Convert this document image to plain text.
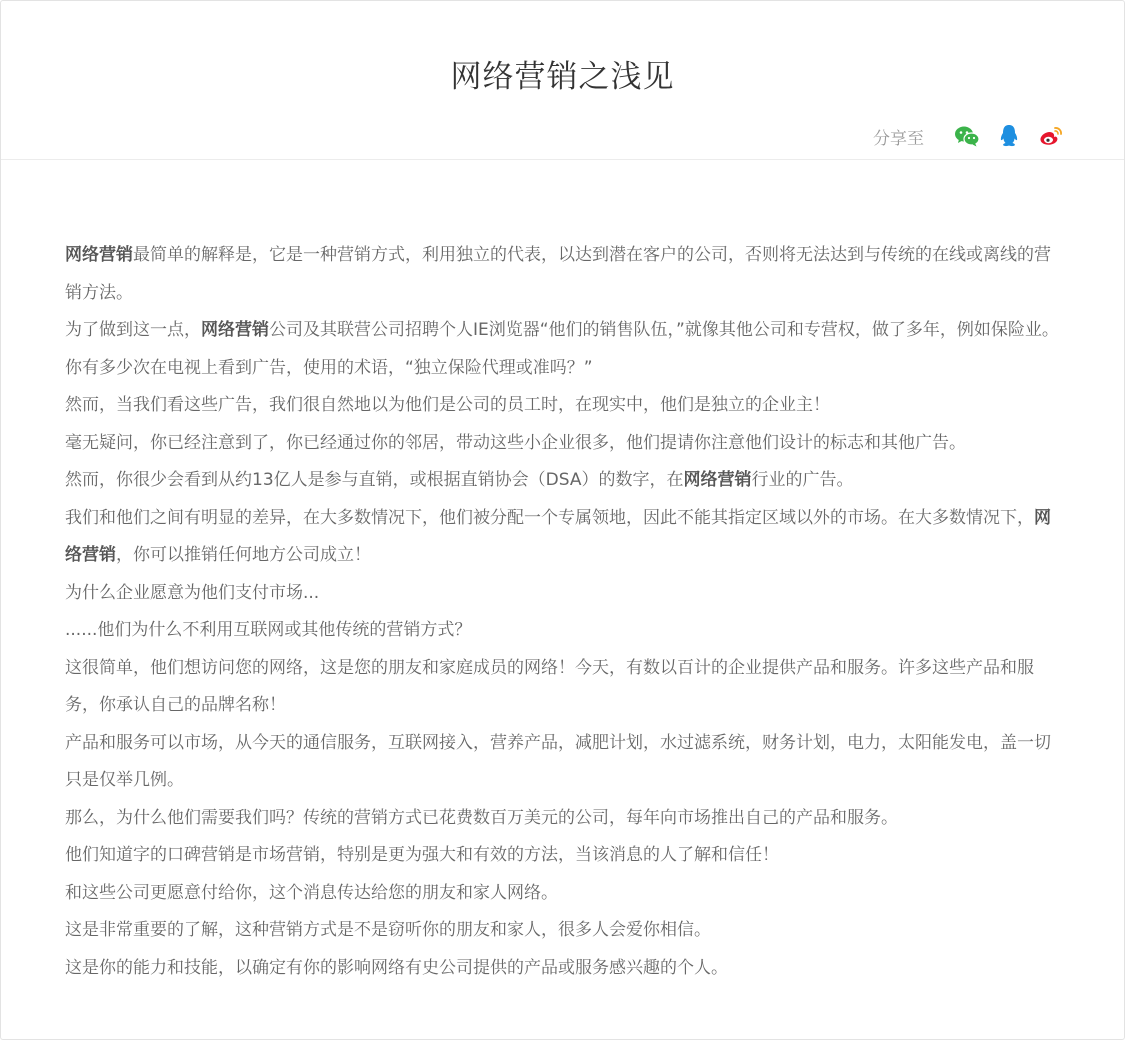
网络营销之浅见
分享至

网络营销最简单的解释是，它是一种营销方式，利用独立的代表，以达到潜在客户的公司，否则将无法达到与传统的在线或离线的营销方法。

为了做到这一点，网络营销公司及其联营公司招聘个人IE浏览器“他们的销售队伍，”就像其他公司和专营权，做了多年，例如保险业。

你有多少次在电视上看到广告，使用的术语，“独立保险代理或准吗？”

然而，当我们看这些广告，我们很自然地以为他们是公司的员工时，在现实中，他们是独立的企业主！

毫无疑问，你已经注意到了，你已经通过你的邻居，带动这些小企业很多，他们提请你注意他们设计的标志和其他广告。

然而，你很少会看到从约13亿人是参与直销，或根据直销协会（DSA）的数字，在网络营销行业的广告。

我们和他们之间有明显的差异，在大多数情况下，他们被分配一个专属领地，因此不能其指定区域以外的市场。在大多数情况下，网络营销，你可以推销任何地方公司成立！

为什么企业愿意为他们支付市场...

......他们为什么不利用互联网或其他传统的营销方式？

这很简单，他们想访问您的网络，这是您的朋友和家庭成员的网络！今天，有数以百计的企业提供产品和服务。许多这些产品和服务，你承认自己的品牌名称！

产品和服务可以市场，从今天的通信服务，互联网接入，营养产品，减肥计划，水过滤系统，财务计划，电力，太阳能发电，盖一切只是仅举几例。

那么，为什么他们需要我们吗？传统的营销方式已花费数百万美元的公司，每年向市场推出自己的产品和服务。

他们知道字的口碑营销是市场营销，特别是更为强大和有效的方法，当该消息的人了解和信任！

和这些公司更愿意付给你，这个消息传达给您的朋友和家人网络。

这是非常重要的了解，这种营销方式是不是窃听你的朋友和家人，很多人会爱你相信。

这是你的能力和技能，以确定有你的影响网络有史公司提供的产品或服务感兴趣的个人。
